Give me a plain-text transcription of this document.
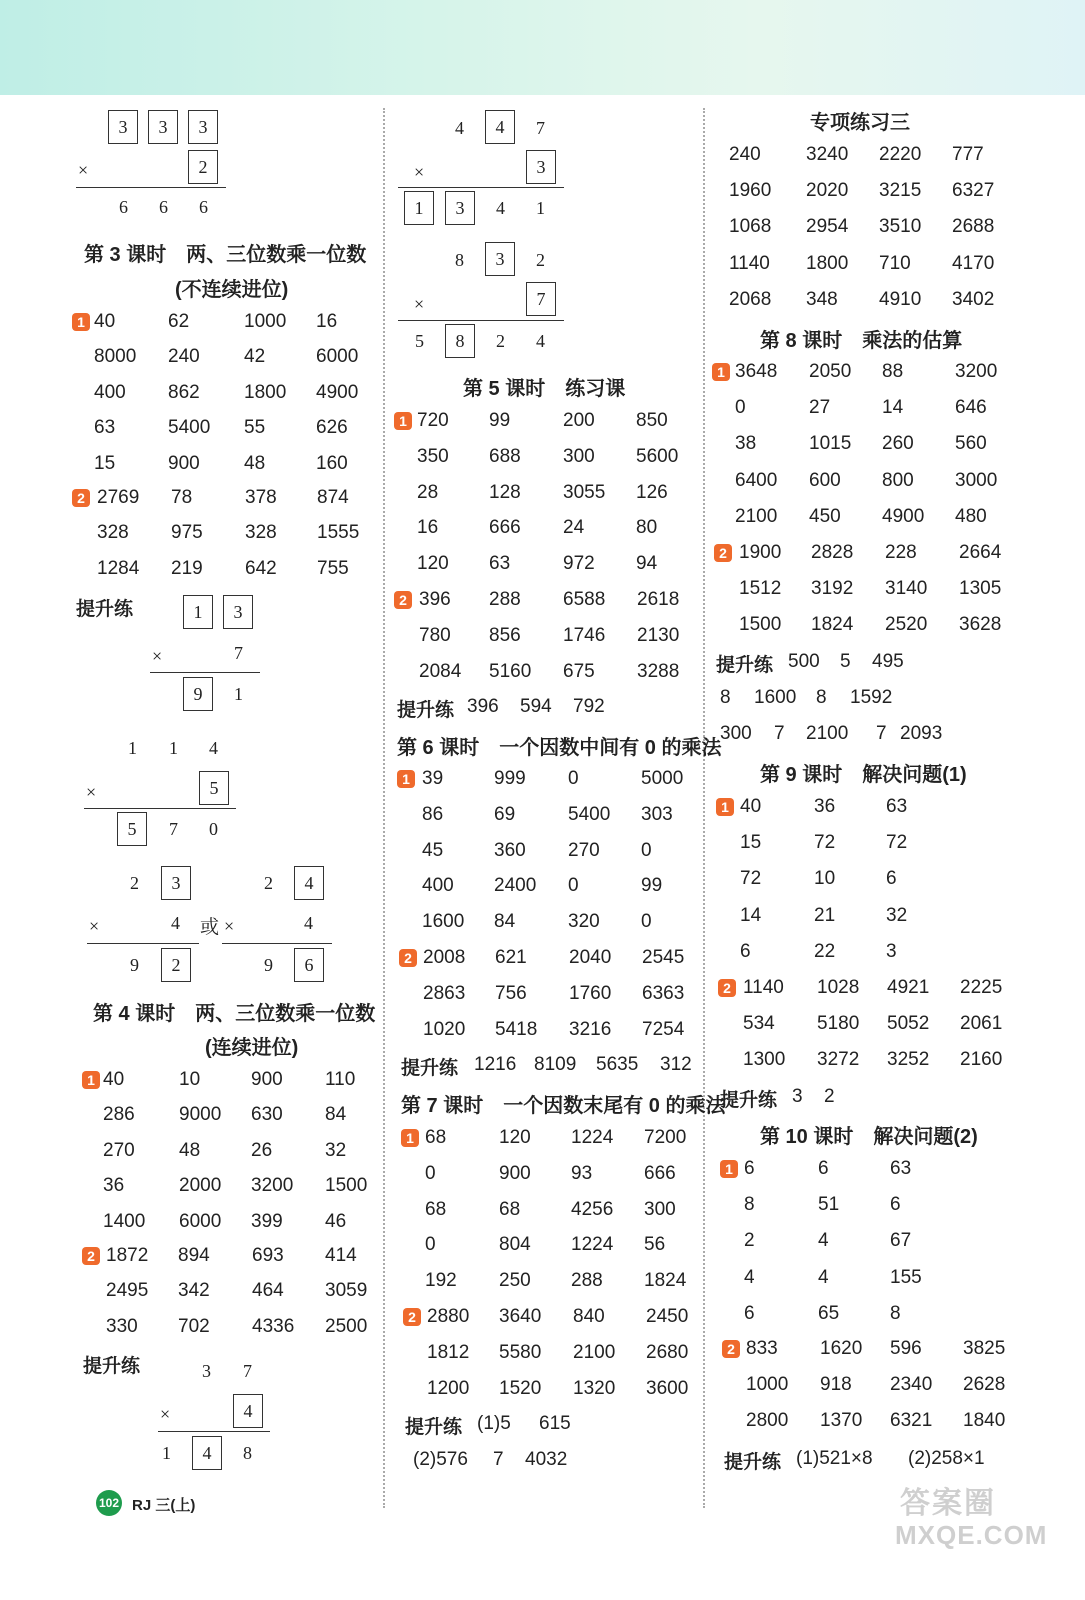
3	3	3
×	2
6 6 6
第 3 课时　两、三位数乘一位数
(不连续进位)
1 40	62	1000 16
8000 240 42	6000
400 862 1800 4900
63	5400 55	626
15	900 48	160
2 2769 78	378 874
328 975 328 1555
1284 219 642 755
提升练	1	3
×	7
9	1
1 1 4
×	5
5	7 0
2	3
×	4
9	2
或
2	4
×	4
9	6
第 4 课时　两、三位数乘一位数
(连续进位)
1 40	10	900 110
286 9000 630 84
270 48	26	32
36	2000 3200 1500
1400 6000 399 46
2 1872 894 693 414
2495 342 464 3059
330 702 4336 2500
提升练	3 7
×	4
1	4	8
4	4	7
×	3
1	3	4 1
8	3	2
×	7
5	8	2 4
第 5 课时　练习课
1 720 99	200 850
350 688 300 5600
28	128 3055 126
16	666 24	80
120 63	972 94
2 396 288 6588 2618
780 856 1746 2130
2084 5160 675 3288
提升练 396 594 792
第 6 课时　一个因数中间有 0 的乘法
1 39	999 0	5000
86	69	5400 303
45	360 270 0
400 2400 0	99
1600 84	320 0
2 2008 621 2040 2545
2863 756 1760 6363
1020 5418 3216 7254
提升练 1216 8109 5635 312
第 7 课时　一个因数末尾有 0 的乘法
1 68	120 1224 7200
0	900 93	666
68	68	4256 300
0	804 1224 56
192 250 288 1824
2 2880 3640 840 2450
1812 5580 2100 2680
1200 1520 1320 3600
提升练 (1)5 615
(2)576 7 4032
专项练习三
240 3240 2220 777
1960 2020 3215 6327
1068 2954 3510 2688
1140 1800 710 4170
2068 348 4910 3402
第 8 课时　乘法的估算
1 3648 2050 88	3200
0	27	14	646
38	1015 260 560
6400 600 800 3000
2100 450 4900 480
2 1900 2828 228 2664
1512 3192 3140 1305
1500 1824 2520 3628
提升练 500 5 495
8 1600 8 1592
300 7 2100 7 2093
第 9 课时　解决问题(1)
1 40	36	63
15	72	72
72	10	6
14	21	32
6	22	3
2 1140 1028 4921 2225
534 5180 5052 2061
1300 3272 3252 2160
提升练 3 2
第 10 课时　解决问题(2)
1 6	6	63
8	51	6
2	4	67
4	4	155
6	65	8
2 833 1620 596 3825
1000 918 2340 2628
2800 1370 6321 1840
提升练 (1)521×8 (2)258×1
102 RJ 三(上)	答案圈
MXQE.COM
